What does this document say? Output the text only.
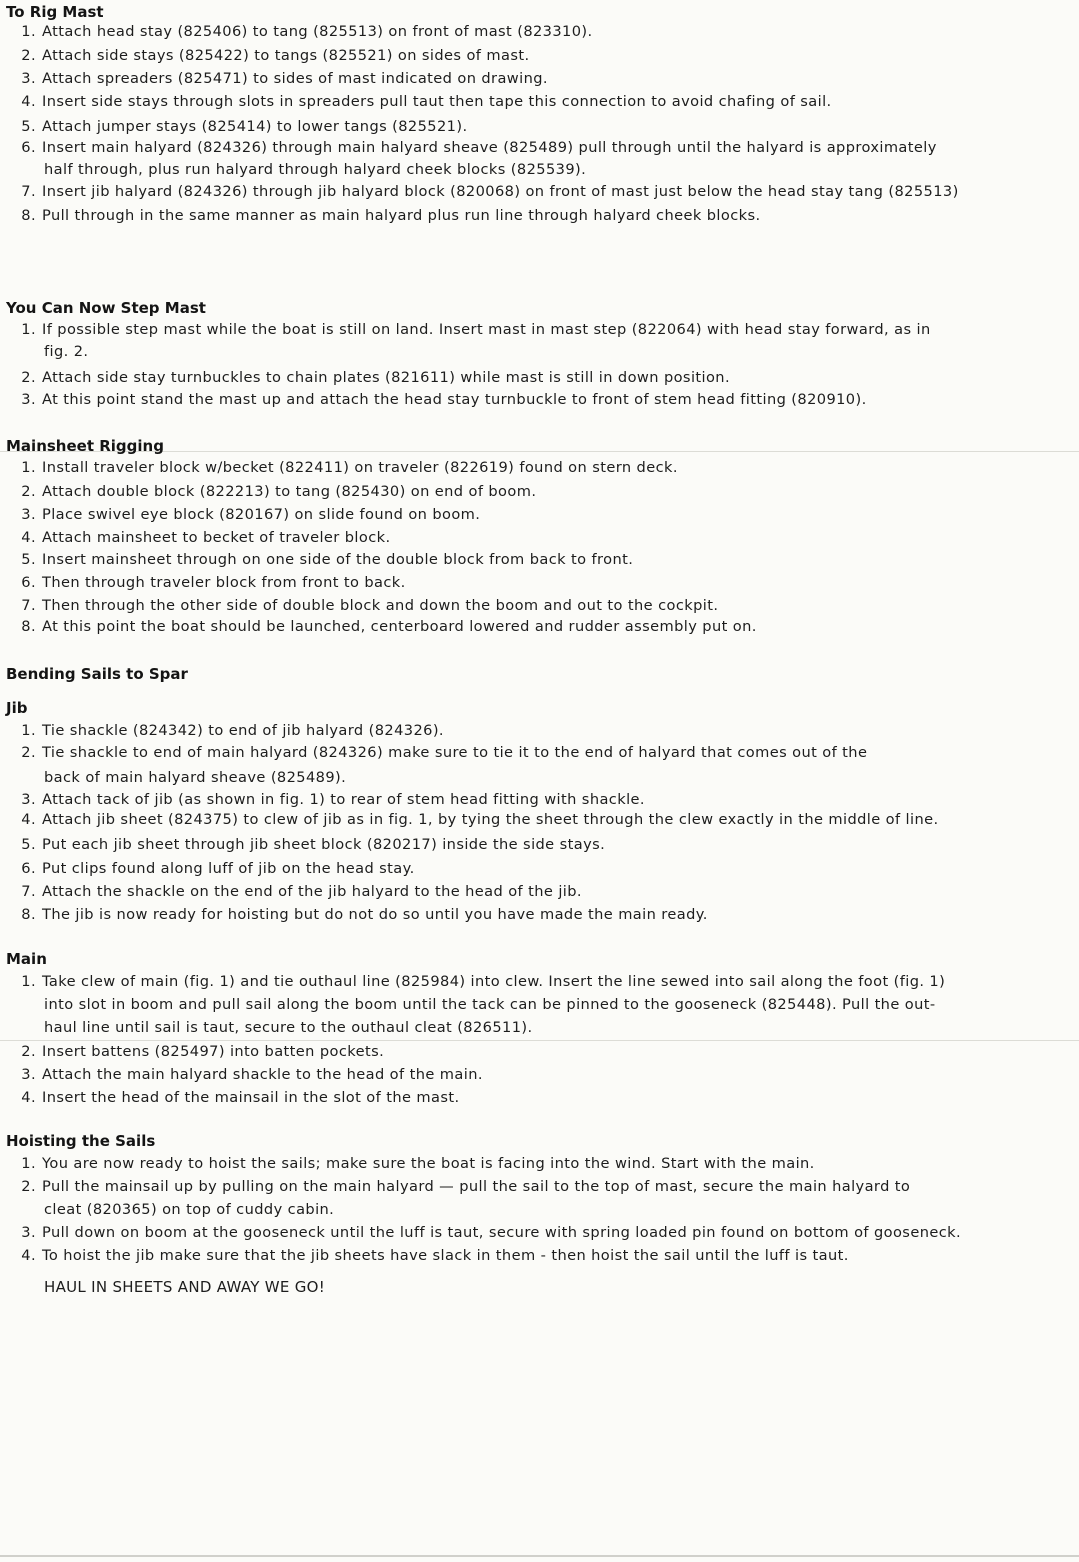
HAUL IN SHEETS AND AWAY WE GO!
To Rig Mast
1. Attach head stay (825406) to tang (825513) on front of mast (823310).
2. Attach side stays (825422) to tangs (825521) on sides of mast.
3. Attach spreaders (825471) to sides of mast indicated on drawing.
4. Insert side stays through slots in spreaders pull taut then tape this connection to avoid chafing of sail.
5. Attach jumper stays (825414) to lower tangs (825521).
6. Insert main halyard (824326) through main halyard sheave (825489) pull through until the halyard is approximately
half through, plus run halyard through halyard cheek blocks (825539).
7. Insert jib halyard (824326) through jib halyard block (820068) on front of mast just below the head stay tang (825513)
8. Pull through in the same manner as main halyard plus run line through halyard cheek blocks.
You Can Now Step Mast
1. If possible step mast while the boat is still on land. Insert mast in mast step (822064) with head stay forward, as in
fig. 2.
2. Attach side stay turnbuckles to chain plates (821611) while mast is still in down position.
3. At this point stand the mast up and attach the head stay turnbuckle to front of stem head fitting (820910).
Mainsheet Rigging
1. Install traveler block w/becket (822411) on traveler (822619) found on stern deck.
2. Attach double block (822213) to tang (825430) on end of boom.
3. Place swivel eye block (820167) on slide found on boom.
4. Attach mainsheet to becket of traveler block.
5. Insert mainsheet through on one side of the double block from back to front.
6. Then through traveler block from front to back.
7. Then through the other side of double block and down the boom and out to the cockpit.
8. At this point the boat should be launched, centerboard lowered and rudder assembly put on.
Bending Sails to Spar
Jib
1. Tie shackle (824342) to end of jib halyard (824326).
2. Tie shackle to end of main halyard (824326) make sure to tie it to the end of halyard that comes out of the
back of main halyard sheave (825489).
3. Attach tack of jib (as shown in fig. 1) to rear of stem head fitting with shackle.
4. Attach jib sheet (824375) to clew of jib as in fig. 1, by tying the sheet through the clew exactly in the middle of line.
5. Put each jib sheet through jib sheet block (820217) inside the side stays.
6. Put clips found along luff of jib on the head stay.
7. Attach the shackle on the end of the jib halyard to the head of the jib.
8. The jib is now ready for hoisting but do not do so until you have made the main ready.
Main
1. Take clew of main (fig. 1) and tie outhaul line (825984) into clew. Insert the line sewed into sail along the foot (fig. 1)
into slot in boom and pull sail along the boom until the tack can be pinned to the gooseneck (825448). Pull the out-
haul line until sail is taut, secure to the outhaul cleat (826511).
2. Insert battens (825497) into batten pockets.
3. Attach the main halyard shackle to the head of the main.
4. Insert the head of the mainsail in the slot of the mast.
Hoisting the Sails
1. You are now ready to hoist the sails; make sure the boat is facing into the wind. Start with the main.
2. Pull the mainsail up by pulling on the main halyard — pull the sail to the top of mast, secure the main halyard to
cleat (820365) on top of cuddy cabin.
3. Pull down on boom at the gooseneck until the luff is taut, secure with spring loaded pin found on bottom of gooseneck.
4. To hoist the jib make sure that the jib sheets have slack in them - then hoist the sail until the luff is taut.
